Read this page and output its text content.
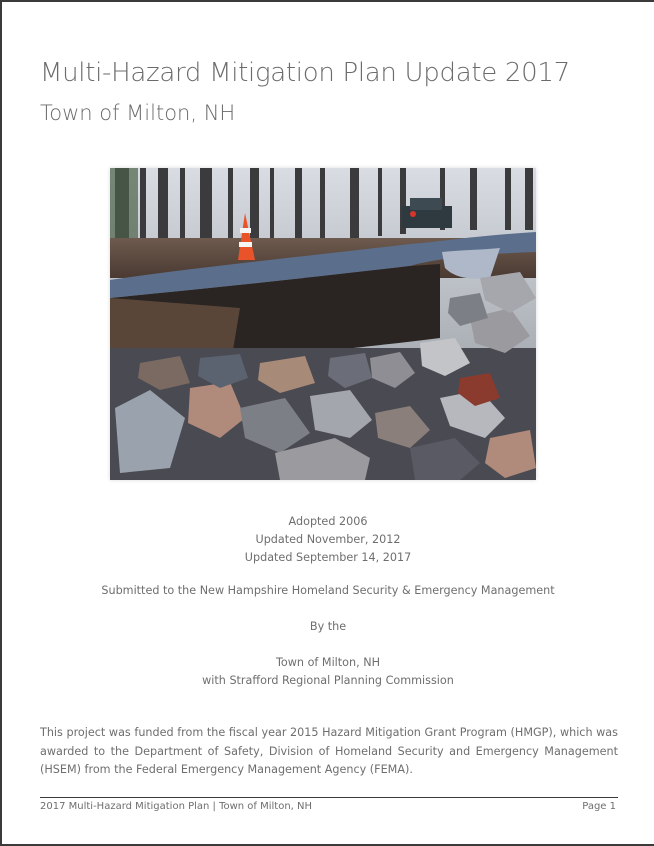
Multi-Hazard Mitigation Plan Update 2017
Town of Milton, NH
Adopted 2006
Updated November, 2012
Updated September 14, 2017
Submitted to the New Hampshire Homeland Security & Emergency Management
By the
Town of Milton, NH
with Strafford Regional Planning Commission

This project was funded from the fiscal year 2015 Hazard Mitigation Grant Program (HMGP), which was awarded to the Department of Safety, Division of Homeland Security and Emergency Management (HSEM) from the Federal Emergency Management Agency (FEMA).

2017 Multi-Hazard Mitigation Plan | Town of Milton, NH	Page 1
